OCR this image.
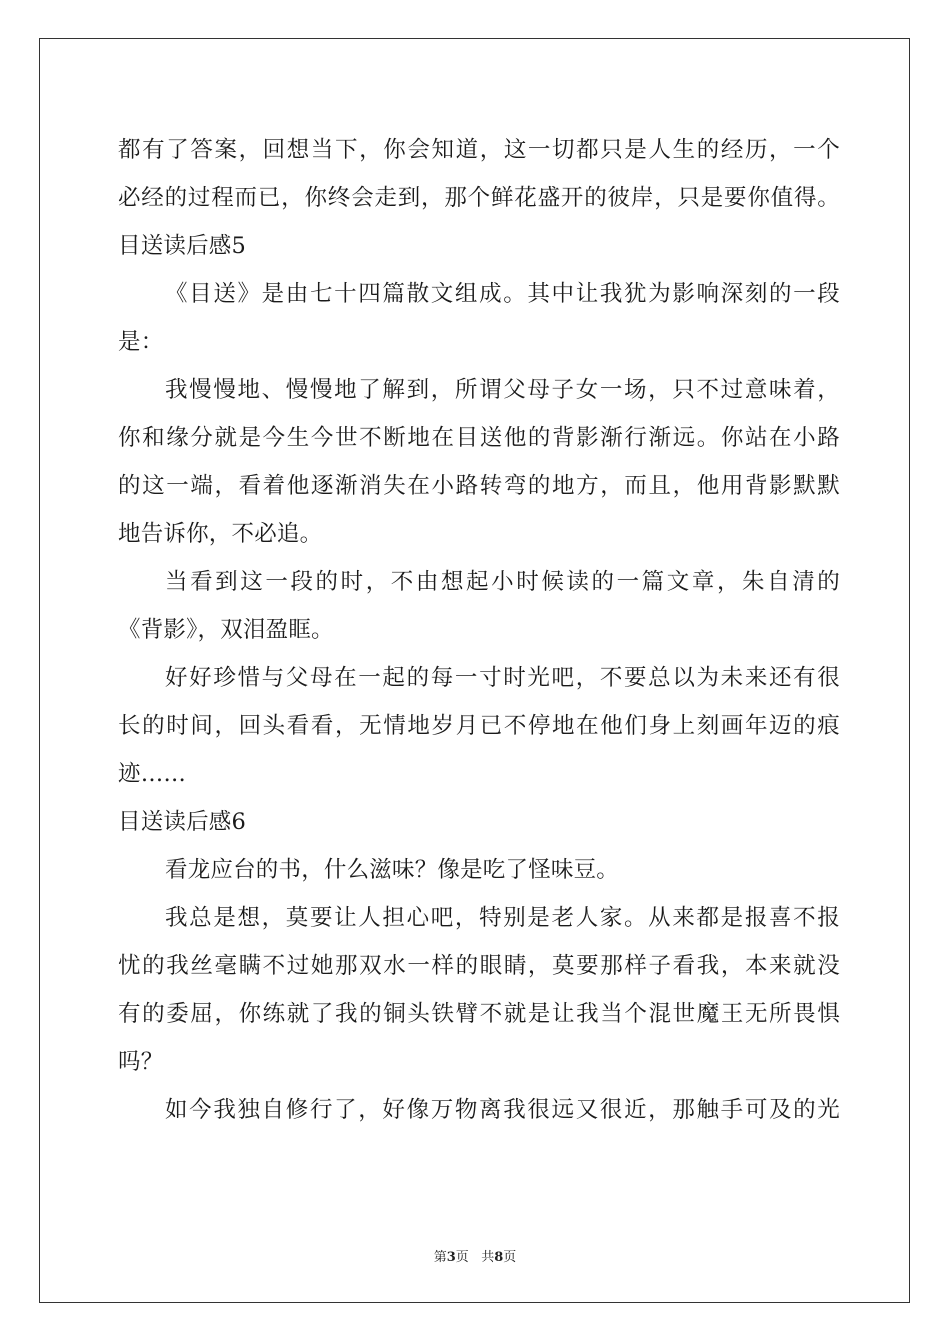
都有了答案，回想当下，你会知道，这一切都只是人生的经历，一个
必经的过程而已，你终会走到，那个鲜花盛开的彼岸，只是要你值得。
目送读后感5
《目送》是由七十四篇散文组成。其中让我犹为影响深刻的一段
是：
我慢慢地、慢慢地了解到，所谓父母子女一场，只不过意味着，
你和缘分就是今生今世不断地在目送他的背影渐行渐远。你站在小路
的这一端，看着他逐渐消失在小路转弯的地方，而且，他用背影默默
地告诉你，不必追。
当看到这一段的时，不由想起小时候读的一篇文章，朱自清的
《背影》，双泪盈眶。
好好珍惜与父母在一起的每一寸时光吧，不要总以为未来还有很
长的时间，回头看看，无情地岁月已不停地在他们身上刻画年迈的痕
迹……
目送读后感6
看龙应台的书，什么滋味？像是吃了怪味豆。
我总是想，莫要让人担心吧，特别是老人家。从来都是报喜不报
忧的我丝毫瞒不过她那双水一样的眼睛，莫要那样子看我，本来就没
有的委屈，你练就了我的铜头铁臂不就是让我当个混世魔王无所畏惧
吗？
如今我独自修行了，好像万物离我很远又很近，那触手可及的光
第3页 共8页
